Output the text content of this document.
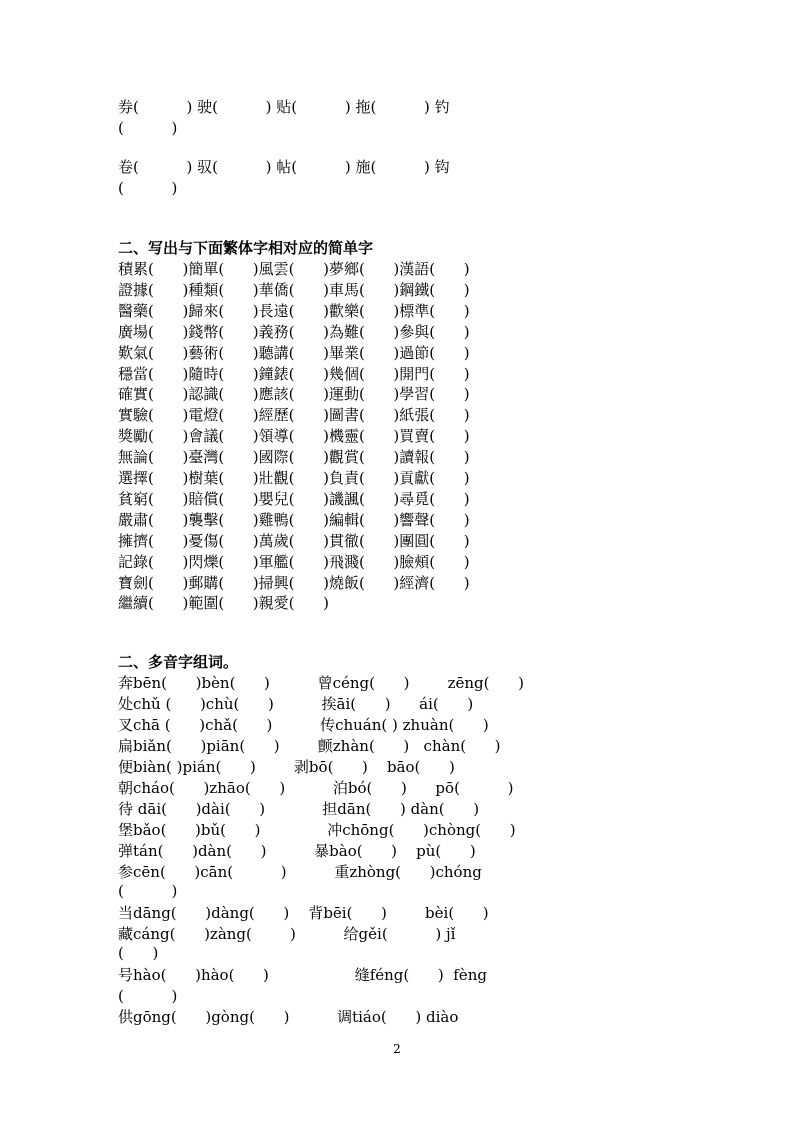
券(          ) 驶(          ) 贴(          ) 拖(          ) 钓
(          )
卷(          ) 驭(          ) 帖(          ) 施(          ) 钩
(          )
二、写出与下面繁体字相对应的简单字
積累(      )簡單(      )風雲(      )夢鄉(      )漢語(      )
證據(      )種類(      )華僑(      )車馬(      )鋼鐵(      )
醫藥(      )歸來(      )長遠(      )歡樂(      )標準(      )
廣場(      )錢幣(      )義務(      )為難(      )參與(      )
歎氣(      )藝術(      )聽講(      )畢業(      )過節(      )
穩當(      )隨時(      )鐘錶(      )幾個(      )開門(      )
確實(      )認識(      )應該(      )運動(      )學習(      )
實驗(      )電燈(      )經歷(      )圖書(      )紙張(      )
獎勵(      )會議(      )領導(      )機靈(      )買賣(      )
無論(      )臺灣(      )國際(      )觀賞(      )讀報(      )
選擇(      )樹葉(      )壯觀(      )負責(      )貢獻(      )
貧窮(      )賠償(      )嬰兒(      )譏諷(      )尋覓(      )
嚴肅(      )襲擊(      )雞鴨(      )編輯(      )響聲(      )
擁擠(      )憂傷(      )萬歲(      )貫徹(      )團圓(      )
記錄(      )閃爍(      )軍艦(      )飛濺(      )臉頰(      )
寶劍(      )郵購(      )掃興(      )燒飯(      )經濟(      )
繼續(      )範圍(      )親愛(      )
二、多音字组词。
奔bēn(      )bèn(      )          曾céng(      )        zēng(      )
处chǔ (      )chù(      )          挨āi(      )      ái(      )
叉chā (      )chǎ(      )          传chuán( ) zhuàn(      )
扁biǎn(      )piān(      )        颤zhàn(      )   chàn(      )
便biàn( )pián(      )        剥bō(      )    bāo(      )
朝cháo(      )zhāo(      )          泊bó(      )      pō(          )
待 dāi(      )dài(      )            担dān(      ) dàn(      )
堡bǎo(      )bǔ(      )              冲chōng(      )chòng(      )
弹tán(      )dàn(      )          暴bào(      )    pù(      )
参cēn(      )cān(          )          重zhòng(      )chóng
(          )
当dāng(      )dàng(      )    背bēi(      )        bèi(      )
藏cáng(      )zàng(        )          给gěi(          ) jǐ
(      )
号hào(      )hào(      )                  缝féng(      )  fèng
(          )
供gōng(      )gòng(      )          调tiáo(      ) diào
2
